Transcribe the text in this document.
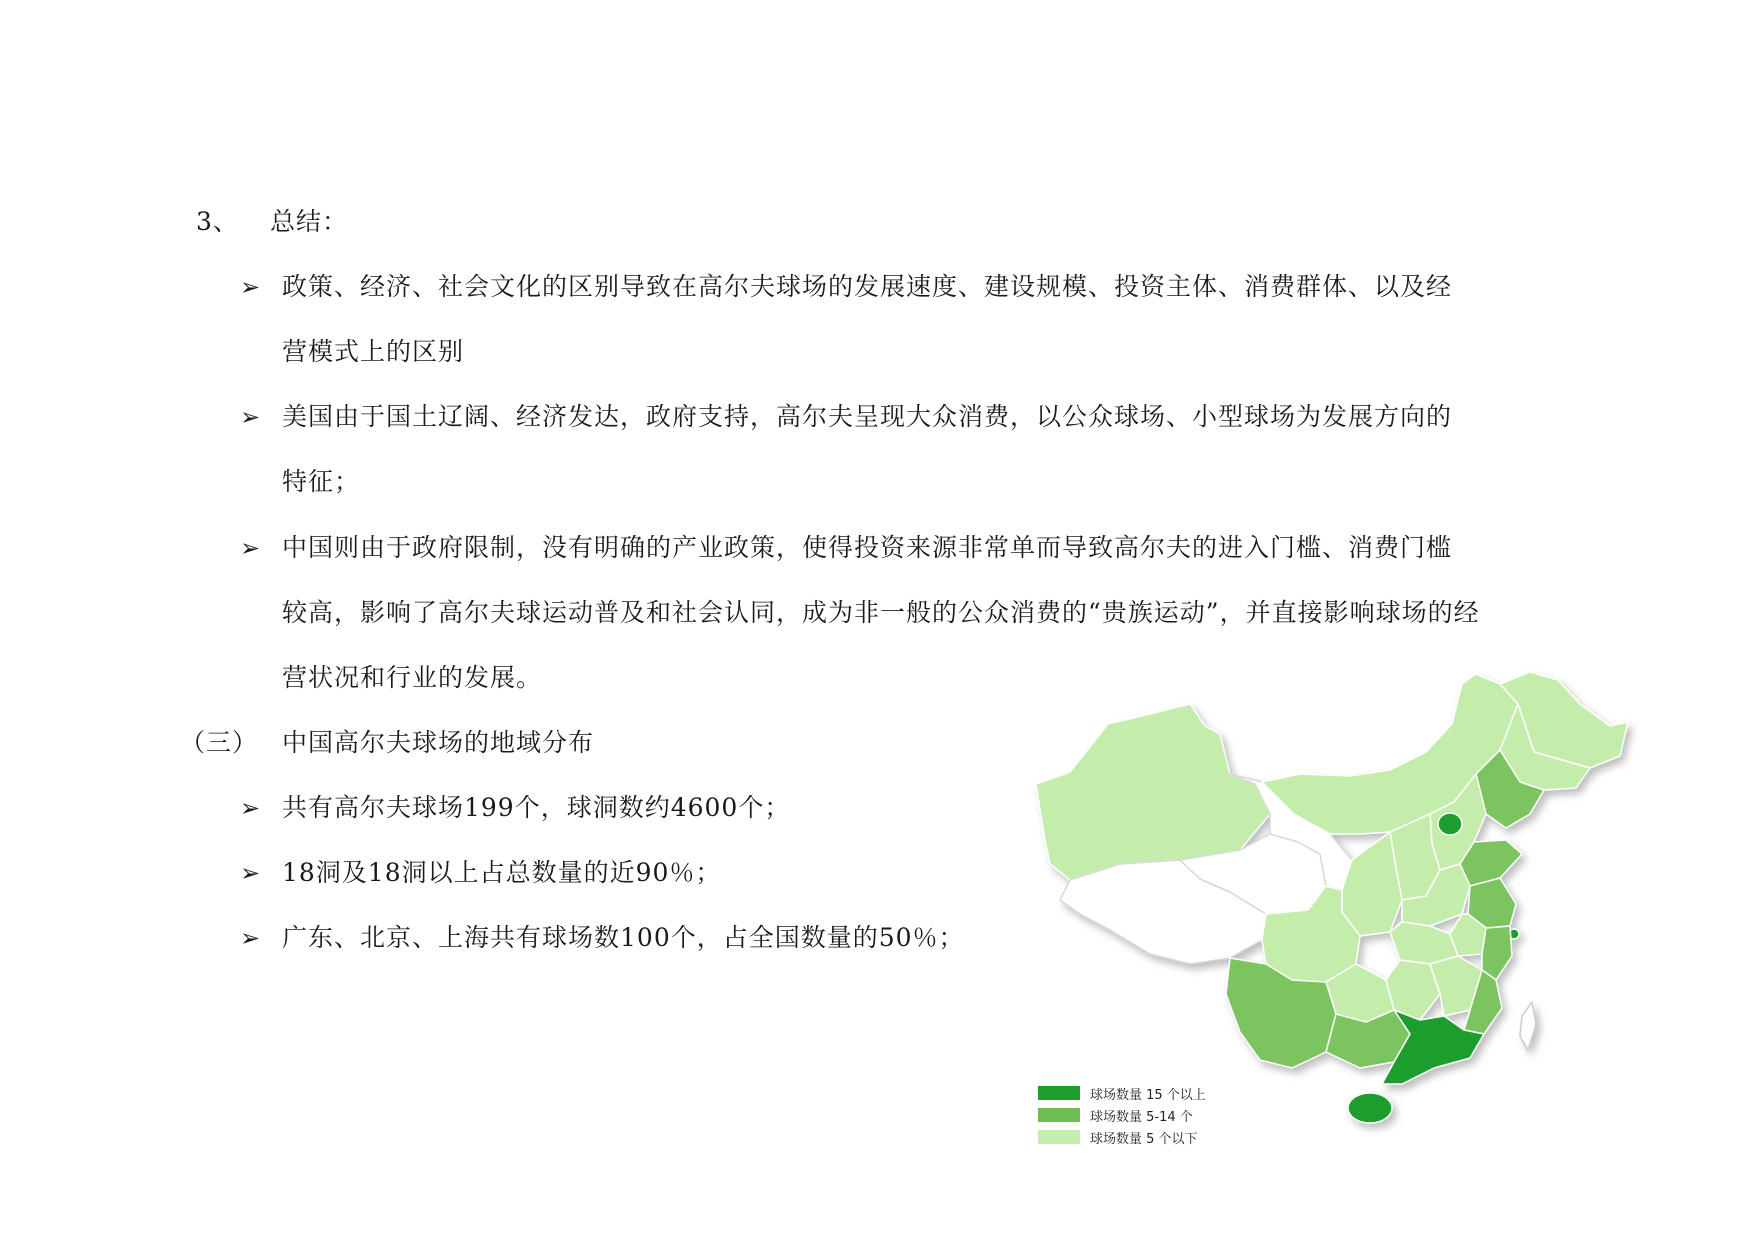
3、 总结：
➢ 政策、经济、社会文化的区别导致在高尔夫球场的发展速度、建设规模、投资主体、消费群体、以及经
营模式上的区别
➢ 美国由于国土辽阔、经济发达，政府支持，高尔夫呈现大众消费，以公众球场、小型球场为发展方向的
特征；
➢ 中国则由于政府限制，没有明确的产业政策，使得投资来源非常单而导致高尔夫的进入门槛、消费门槛
较高，影响了高尔夫球运动普及和社会认同，成为非一般的公众消费的“贵族运动”，并直接影响球场的经
营状况和行业的发展。
（三） 中国高尔夫球场的地域分布
➢ 共有高尔夫球场199个，球洞数约4600个；
➢ 18洞及18洞以上占总数量的近90％；
➢ 广东、北京、上海共有球场数100个，占全国数量的50％；
球场数量 15 个以上
球场数量 5-14 个
球场数量 5 个以下
